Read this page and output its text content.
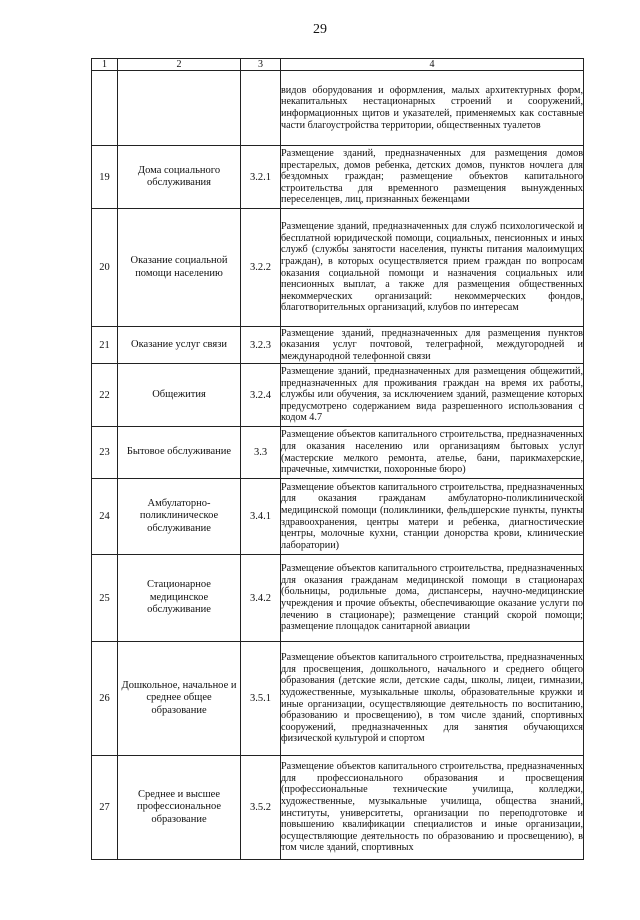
29
1	2	3	4
			видов оборудования и оформления, малых архитектурных форм, некапитальных нестационарных строений и сооружений, информационных щитов и указателей, применяемых как составные части благоустройства территории, общественных туалетов
19	Дома социального обслуживания	3.2.1	Размещение зданий, предназначенных для размещения домов престарелых, домов ребенка, детских домов, пунктов ночлега для бездомных граждан; размещение объектов капитального строительства для временного размещения вынужденных переселенцев, лиц, признанных беженцами
20	Оказание социальной помощи населению	3.2.2	Размещение зданий, предназначенных для служб психологической и бесплатной юридической помощи, социальных, пенсионных и иных служб (службы занятости населения, пункты питания малоимущих граждан), в которых осуществляется прием граждан по вопросам оказания социальной помощи и назначения социальных или пенсионных выплат, а также для размещения общественных некоммерческих организаций: некоммерческих фондов, благотворительных организаций, клубов по интересам
21	Оказание услуг связи	3.2.3	Размещение зданий, предназначенных для размещения пунктов оказания услуг почтовой, телеграфной, междугородней и международной телефонной связи
22	Общежития	3.2.4	Размещение зданий, предназначенных для размещения общежитий, предназначенных для проживания граждан на время их работы, службы или обучения, за исключением зданий, размещение которых предусмотрено содержанием вида разрешенного использования с кодом 4.7
23	Бытовое обслуживание	3.3	Размещение объектов капитального строительства, предназначенных для оказания населению или организациям бытовых услуг (мастерские мелкого ремонта, ателье, бани, парикмахерские, прачечные, химчистки, похоронные бюро)
24	Амбулаторно-поликлиническое обслуживание	3.4.1	Размещение объектов капитального строительства, предназначенных для оказания гражданам амбулаторно-поликлинической медицинской помощи (поликлиники, фельдшерские пункты, пункты здравоохранения, центры матери и ребенка, диагностические центры, молочные кухни, станции донорства крови, клинические лаборатории)
25	Стационарное медицинское обслуживание	3.4.2	Размещение объектов капитального строительства, предназначенных для оказания гражданам медицинской помощи в стационарах (больницы, родильные дома, диспансеры, научно-медицинские учреждения и прочие объекты, обеспечивающие оказание услуги по лечению в стационаре); размещение станций скорой помощи; размещение площадок санитарной авиации
26	Дошкольное, начальное и среднее общее образование	3.5.1	Размещение объектов капитального строительства, предназначенных для просвещения, дошкольного, начального и среднего общего образования (детские ясли, детские сады, школы, лицеи, гимназии, художественные, музыкальные школы, образовательные кружки и иные организации, осуществляющие деятельность по воспитанию, образованию и просвещению), в том числе зданий, спортивных сооружений, предназначенных для занятия обучающихся физической культурой и спортом
27	Среднее и высшее профессиональное образование	3.5.2	Размещение объектов капитального строительства, предназначенных для профессионального образования и просвещения (профессиональные технические училища, колледжи, художественные, музыкальные училища, общества знаний, институты, университеты, организации по переподготовке и повышению квалификации специалистов и иные организации, осуществляющие деятельность по образованию и просвещению), в том числе зданий, спортивных
